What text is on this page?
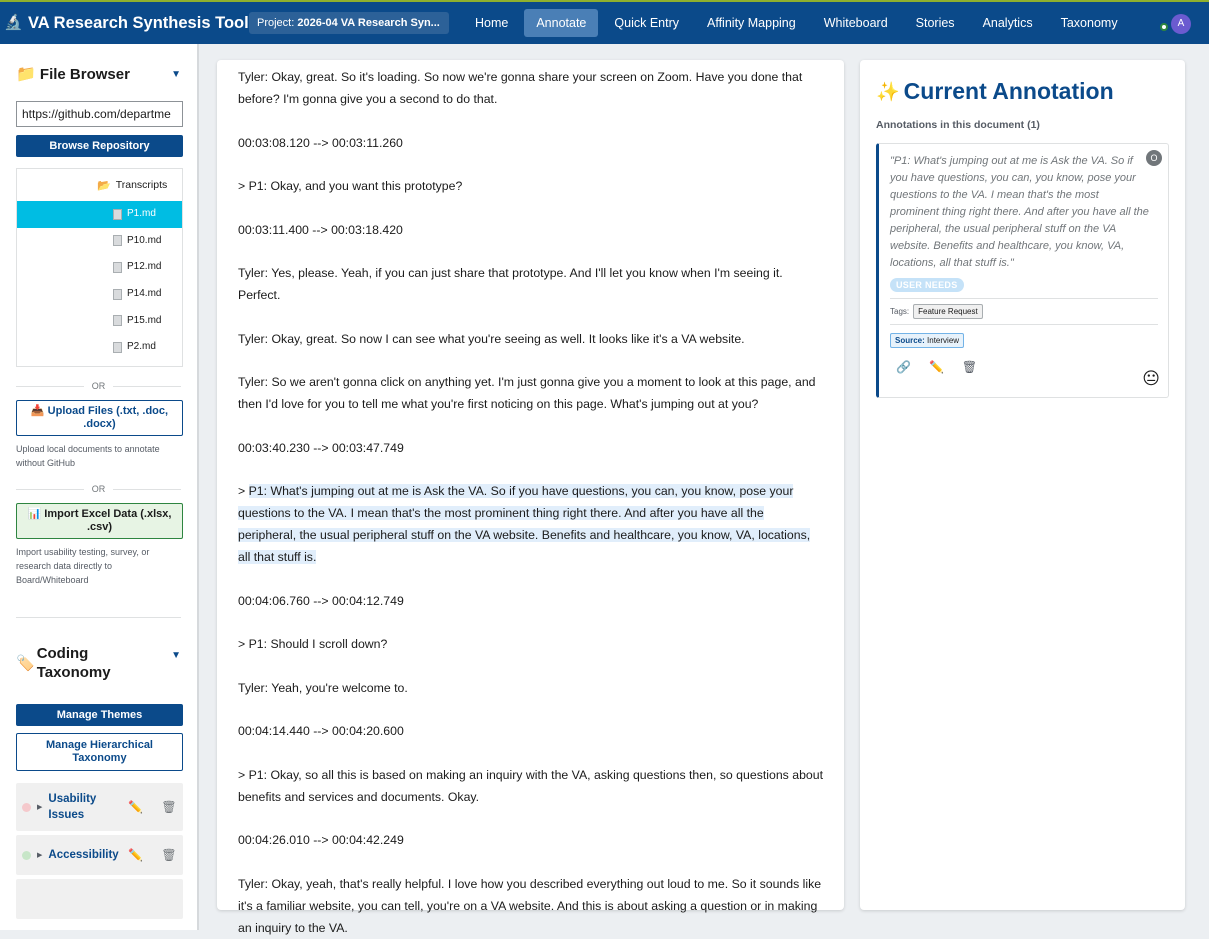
🔬 VA Research Synthesis Tool Project: 2026-04 VA Research Syn...	Home	Annotate	Quick Entry	Affinity Mapping	Whiteboard	Stories	Analytics	Taxonomy	A
📁 File Browser	▼
https://github.com/departme
Browse Repository
📂 Transcripts
P1.md
P10.md
P12.md
P14.md
P15.md
P2.md
OR
📥 Upload Files (.txt, .doc, .docx)
Upload local documents to annotate without GitHub
OR
📊 Import Excel Data (.xlsx, .csv)
Import usability testing, survey, or research data directly to Board/Whiteboard
🏷️
Coding Taxonomy
▼
Manage Themes
Manage Hierarchical Taxonomy
▶
Usability Issues
✏️ 🗑
▶ Accessibility ✏️ 🗑

Tyler: Okay, great. So it's loading. So now we're gonna share your screen on Zoom. Have you done that before? I'm gonna give you a second to do that.

00:03:08.120 --> 00:03:11.260

> P1: Okay, and you want this prototype?

00:03:11.400 --> 00:03:18.420

Tyler: Yes, please. Yeah, if you can just share that prototype. And I'll let you know when I'm seeing it. Perfect.

Tyler: Okay, great. So now I can see what you're seeing as well. It looks like it's a VA website.

Tyler: So we aren't gonna click on anything yet. I'm just gonna give you a moment to look at this page, and then I'd love for you to tell me what you're first noticing on this page. What's jumping out at you?

00:03:40.230 --> 00:03:47.749

> P1: What's jumping out at me is Ask the VA. So if you have questions, you can, you know, pose your questions to the VA. I mean that's the most prominent thing right there. And after you have all the peripheral, the usual peripheral stuff on the VA website. Benefits and healthcare, you know, VA, locations, all that stuff is.

00:04:06.760 --> 00:04:12.749

> P1: Should I scroll down?

Tyler: Yeah, you're welcome to.

00:04:14.440 --> 00:04:20.600

> P1: Okay, so all this is based on making an inquiry with the VA, asking questions then, so questions about benefits and services and documents. Okay.

00:04:26.010 --> 00:04:42.249

Tyler: Okay, yeah, that's really helpful. I love how you described everything out loud to me. So it sounds like it's a familiar website, you can tell, you're on a VA website. And this is about asking a question or in making an inquiry to the VA.

✨ Current Annotation
Annotations in this document (1)
O
"P1: What's jumping out at me is Ask the VA. So if you have questions, you can, you know, pose your questions to the VA. I mean that's the most prominent thing right there. And after you have all the peripheral, the usual peripheral stuff on the VA website. Benefits and healthcare, you know, VA, locations, all that stuff is."
USER NEEDS
Tags:	Feature Request
Source: Interview
🔗 ✏️ 🗑
😐
